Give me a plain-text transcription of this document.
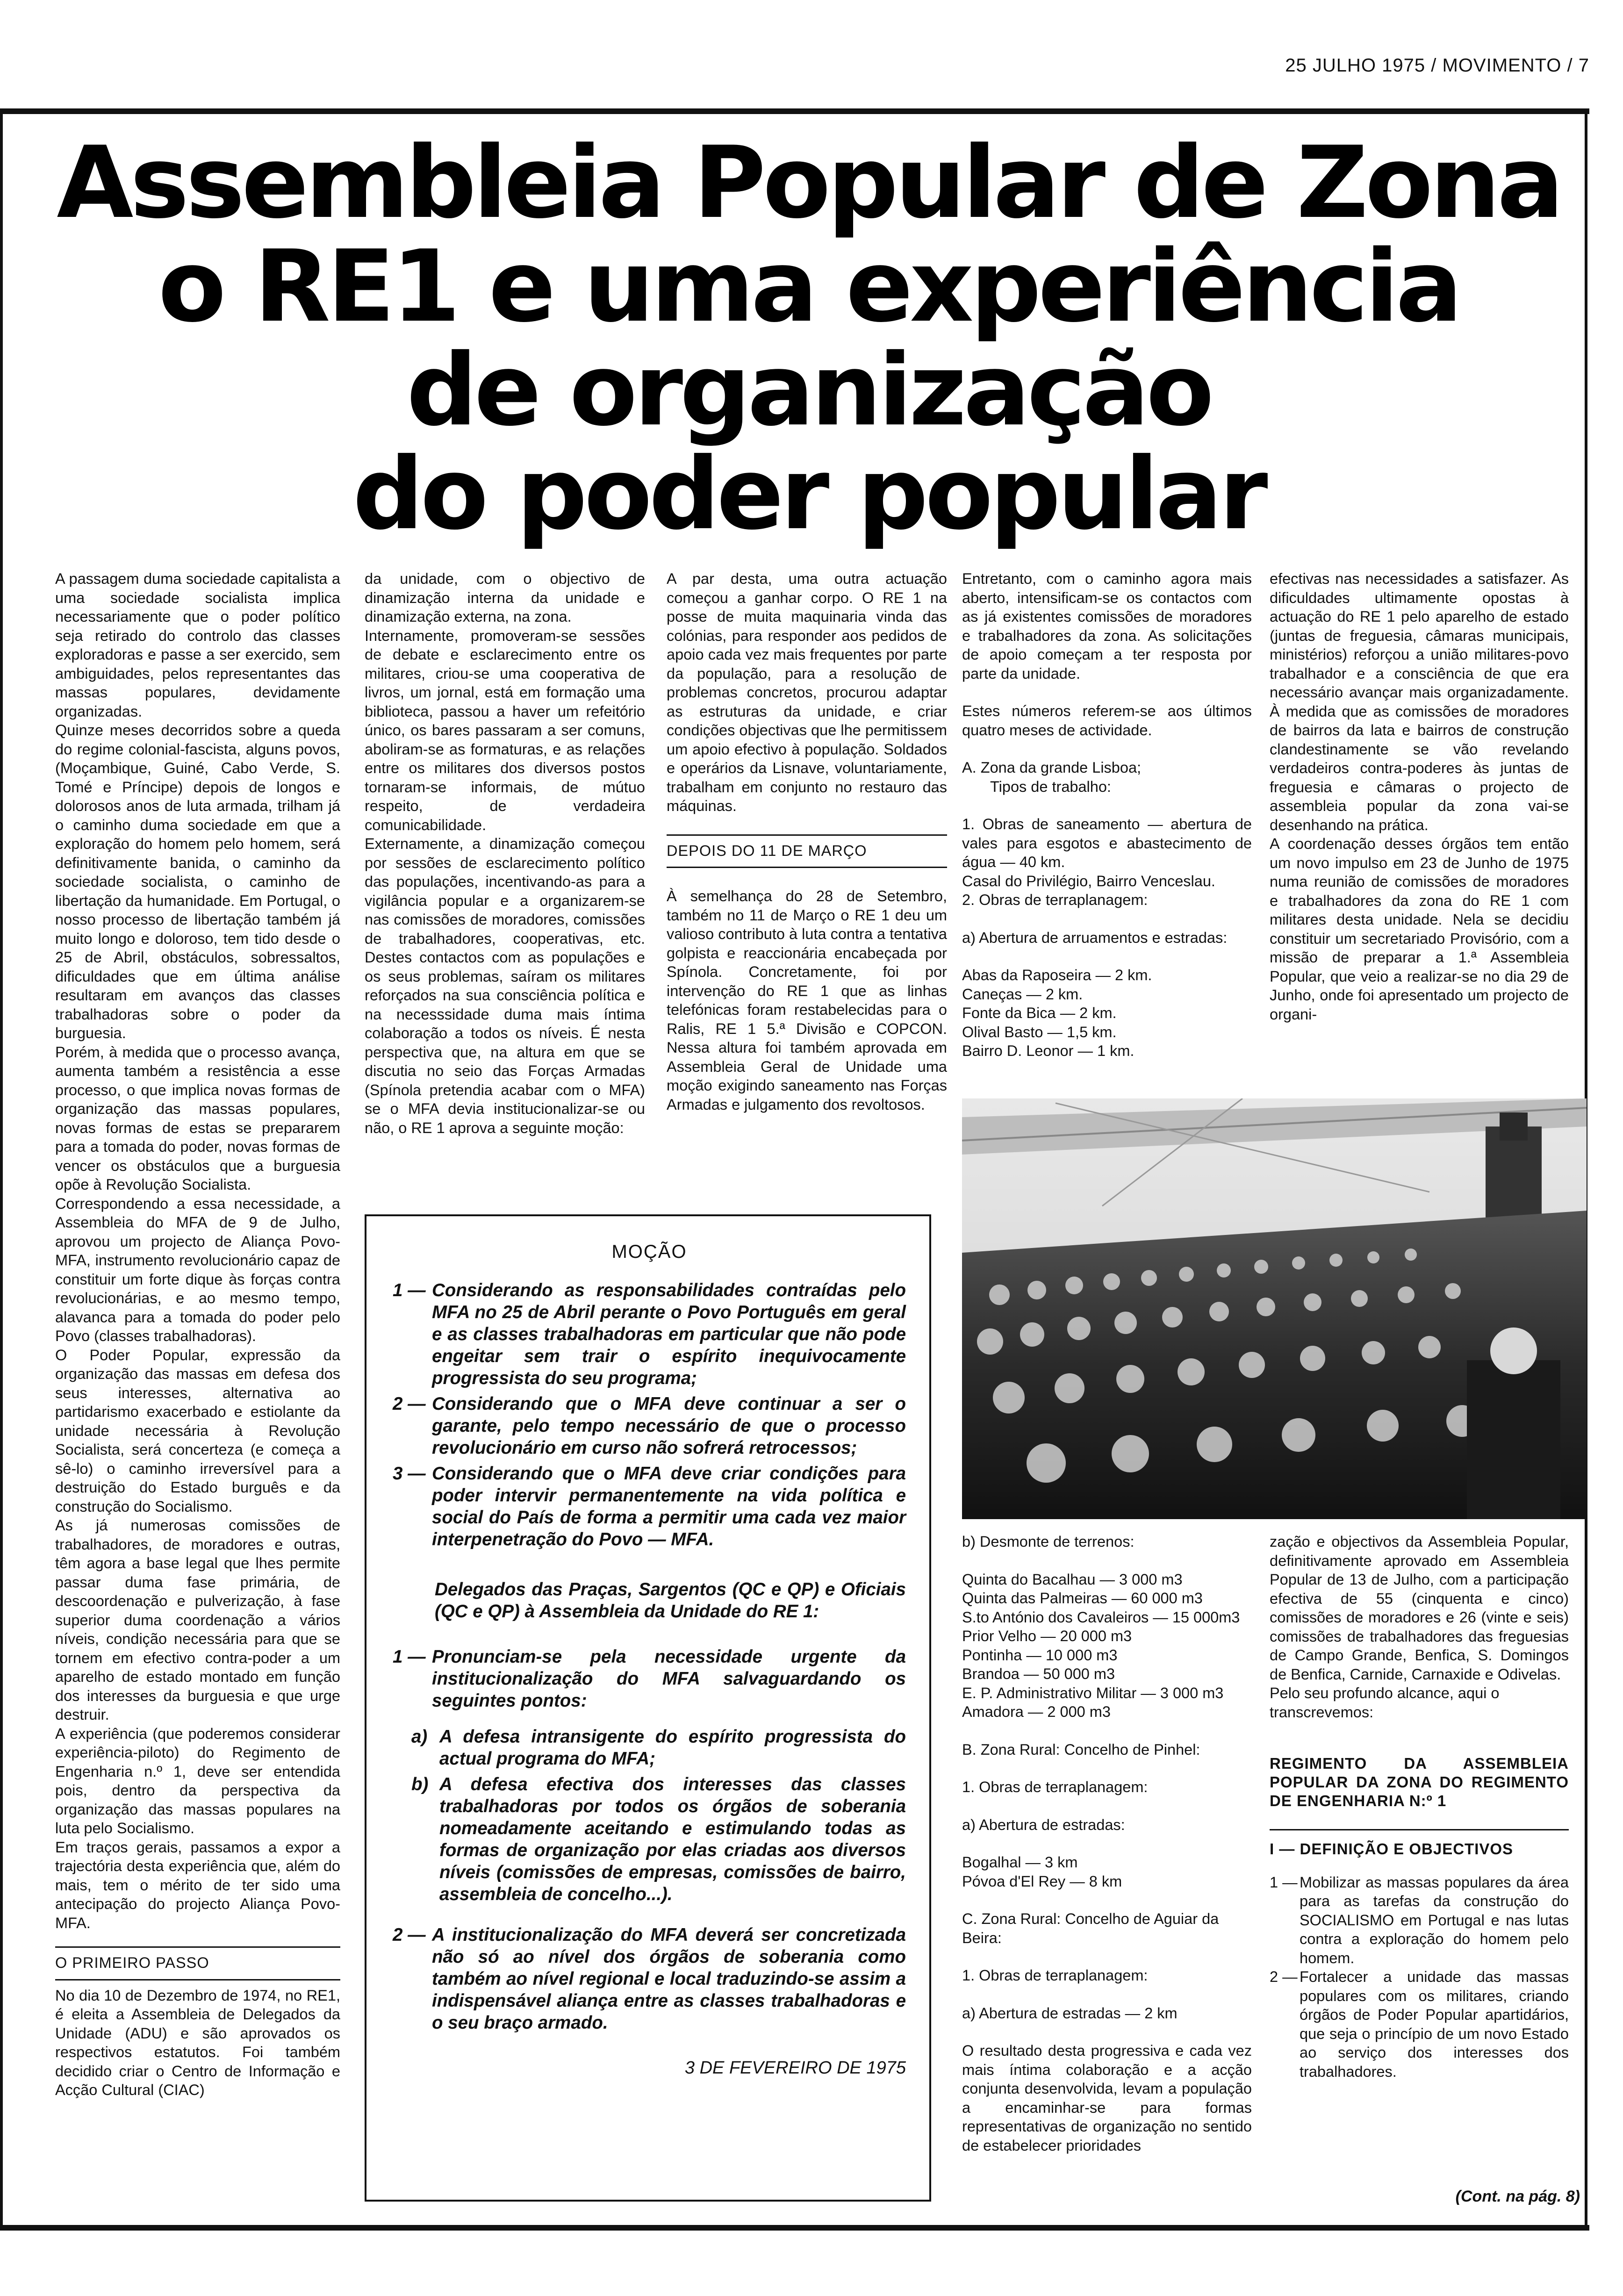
25 JULHO 1975 / MOVIMENTO / 7
Assembleia Popular de Zona
o RE1 e uma experiência
de organização
do poder popular

A passagem duma sociedade capitalista a uma sociedade socialista implica necessariamente que o poder político seja retirado do controlo das classes exploradoras e passe a ser exercido, sem ambiguidades, pelos representantes das massas populares, devidamente organizadas.

Quinze meses decorridos sobre a queda do regime colonial-fascista, alguns povos, (Moçambique, Guiné, Cabo Verde, S. Tomé e Príncipe) depois de longos e dolorosos anos de luta armada, trilham já o caminho duma sociedade em que a exploração do homem pelo homem, será definitivamente banida, o caminho da sociedade socialista, o caminho de libertação da humanidade. Em Portugal, o nosso processo de libertação também já muito longo e doloroso, tem tido desde o 25 de Abril, obstáculos, sobressaltos, dificuldades que em última análise resultaram em avanços das classes trabalhadoras sobre o poder da burguesia.

Porém, à medida que o processo avança, aumenta também a resistência a esse processo, o que implica novas formas de organização das massas populares, novas formas de estas se prepararem para a tomada do poder, novas formas de vencer os obstáculos que a burguesia opõe à Revolução Socialista.

Correspondendo a essa necessidade, a Assembleia do MFA de 9 de Julho, aprovou um projecto de Aliança Povo-MFA, instrumento revolucionário capaz de constituir um forte dique às forças contra revolucionárias, e ao mesmo tempo, alavanca para a tomada do poder pelo Povo (classes trabalhadoras).

O Poder Popular, expressão da organização das massas em defesa dos seus interesses, alternativa ao partidarismo exacerbado e estiolante da unidade necessária à Revolução Socialista, será concerteza (e começa a sê-lo) o caminho irreversível para a destruição do Estado burguês e da construção do Socialismo.

As já numerosas comissões de trabalhadores, de moradores e outras, têm agora a base legal que lhes permite passar duma fase primária, de descoordenação e pulverização, à fase superior duma coordenação a vários níveis, condição necessária para que se tornem em efectivo contra-poder a um aparelho de estado montado em função dos interesses da burguesia e que urge destruir.

A experiência (que poderemos considerar experiência-piloto) do Regimento de Engenharia n.º 1, deve ser entendida pois, dentro da perspectiva da organização das massas populares na luta pelo Socialismo.

Em traços gerais, passamos a expor a trajectória desta experiência que, além do mais, tem o mérito de ter sido uma antecipação do projecto Aliança Povo-MFA.

O PRIMEIRO PASSO

No dia 10 de Dezembro de 1974, no RE1, é eleita a Assembleia de Delegados da Unidade (ADU) e são aprovados os respectivos estatutos. Foi também decidido criar o Centro de Informação e Acção Cultural (CIAC)

da unidade, com o objectivo de dinamização interna da unidade e dinamização externa, na zona.

Internamente, promoveram-se sessões de debate e esclarecimento entre os militares, criou-se uma cooperativa de livros, um jornal, está em formação uma biblioteca, passou a haver um refeitório único, os bares passaram a ser comuns, aboliram-se as formaturas, e as relações entre os militares dos diversos postos tornaram-se informais, de mútuo respeito, de verdadeira comunicabilidade.

Externamente, a dinamização começou por sessões de esclarecimento político das populações, incentivando-as para a vigilância popular e a organizarem-se nas comissões de moradores, comissões de trabalhadores, cooperativas, etc. Destes contactos com as populações e os seus problemas, saíram os militares reforçados na sua consciência política e na necesssidade duma mais íntima colaboração a todos os níveis. É nesta perspectiva que, na altura em que se discutia no seio das Forças Armadas (Spínola pretendia acabar com o MFA) se o MFA devia institucionalizar-se ou não, o RE 1 aprova a seguinte moção:

A par desta, uma outra actuação começou a ganhar corpo. O RE 1 na posse de muita maquinaria vinda das colónias, para responder aos pedidos de apoio cada vez mais frequentes por parte da população, para a resolução de problemas concretos, procurou adaptar as estruturas da unidade, e criar condições objectivas que lhe permitissem um apoio efectivo à população. Soldados e operários da Lisnave, voluntariamente, trabalham em conjunto no restauro das máquinas.

DEPOIS DO 11 DE MARÇO

À semelhança do 28 de Setembro, também no 11 de Março o RE 1 deu um valioso contributo à luta contra a tentativa golpista e reaccionária encabeçada por Spínola. Concretamente, foi por intervenção do RE 1 que as linhas telefónicas foram restabelecidas para o Ralis, RE 1 5.ª Divisão e COPCON. Nessa altura foi também aprovada em Assembleia Geral de Unidade uma moção exigindo saneamento nas Forças Armadas e julgamento dos revoltosos.

MOÇÃO
1 — Considerando as responsabilidades contraídas pelo MFA no 25 de Abril perante o Povo Português em geral e as classes trabalhadoras em particular que não pode engeitar sem trair o espírito inequivocamente progressista do seu programa;
2 — Considerando que o MFA deve continuar a ser o garante, pelo tempo necessário de que o processo revolucionário em curso não sofrerá retrocessos;
3 — Considerando que o MFA deve criar condições para poder intervir permanentemente na vida política e social do País de forma a permitir uma cada vez maior interpenetração do Povo — MFA.
Delegados das Praças, Sargentos (QC e QP) e Oficiais (QC e QP) à Assembleia da Unidade do RE 1:
1 — Pronunciam-se pela necessidade urgente da institucionalização do MFA salvaguardando os seguintes pontos:
a) A defesa intransigente do espírito progressista do actual programa do MFA;
b) A defesa efectiva dos interesses das classes trabalhadoras por todos os órgãos de soberania nomeadamente aceitando e estimulando todas as formas de organização por elas criadas aos diversos níveis (comissões de empresas, comissões de bairro, assembleia de concelho...).
2 — A institucionalização do MFA deverá ser concretizada não só ao nível dos órgãos de soberania como também ao nível regional e local traduzindo-se assim a indispensável aliança entre as classes trabalhadoras e o seu braço armado.
3 DE FEVEREIRO DE 1975

Entretanto, com o caminho agora mais aberto, intensificam-se os contactos com as já existentes comissões de moradores e trabalhadores da zona. As solicitações de apoio começam a ter resposta por parte da unidade.

Estes números referem-se aos últimos quatro meses de actividade.

A. Zona da grande Lisboa;

Tipos de trabalho:

1. Obras de saneamento — abertura de vales para esgotos e abastecimento de água — 40 km.

Casal do Privilégio, Bairro Venceslau.

2. Obras de terraplanagem:

a) Abertura de arruamentos e estradas:

Abas da Raposeira — 2 km.

Caneças — 2 km.

Fonte da Bica — 2 km.

Olival Basto — 1,5 km.

Bairro D. Leonor — 1 km.

efectivas nas necessidades a satisfazer. As dificuldades ultimamente opostas à actuação do RE 1 pelo aparelho de estado (juntas de freguesia, câmaras municipais, ministérios) reforçou a união militares-povo trabalhador e a consciência de que era necessário avançar mais organizadamente. À medida que as comissões de moradores de bairros da lata e bairros de construção clandestinamente se vão revelando verdadeiros contra-poderes às juntas de freguesia e câmaras o projecto de assembleia popular da zona vai-se desenhando na prática.

A coordenação desses órgãos tem então um novo impulso em 23 de Junho de 1975 numa reunião de comissões de moradores e trabalhadores da zona do RE 1 com militares desta unidade. Nela se decidiu constituir um secretariado Provisório, com a missão de preparar a 1.ª Assembleia Popular, que veio a realizar-se no dia 29 de Junho, onde foi apresentado um projecto de organi-

b) Desmonte de terrenos:

Quinta do Bacalhau — 3 000 m3

Quinta das Palmeiras — 60 000 m3

S.to António dos Cavaleiros — 15 000m3

Prior Velho — 20 000 m3

Pontinha — 10 000 m3

Brandoa — 50 000 m3

E. P. Administrativo Militar — 3 000 m3

Amadora — 2 000 m3

B. Zona Rural: Concelho de Pinhel:

1. Obras de terraplanagem:

a) Abertura de estradas:

Bogalhal — 3 km

Póvoa d'El Rey — 8 km

C. Zona Rural: Concelho de Aguiar da Beira:

1. Obras de terraplanagem:

a) Abertura de estradas — 2 km

O resultado desta progressiva e cada vez mais íntima colaboração e a acção conjunta desenvolvida, levam a população a encaminhar-se para formas representativas de organização no sentido de estabelecer prioridades

zação e objectivos da Assembleia Popular, definitivamente aprovado em Assembleia Popular de 13 de Julho, com a participação efectiva de 55 (cinquenta e cinco) comissões de moradores e 26 (vinte e seis) comissões de trabalhadores das freguesias de Campo Grande, Benfica, S. Domingos de Benfica, Carnide, Carnaxide e Odivelas.

Pelo seu profundo alcance, aqui o transcrevemos:

REGIMENTO DA ASSEMBLEIA POPULAR DA ZONA DO REGIMENTO DE ENGENHARIA N:º 1

I — DEFINIÇÃO E OBJECTIVOS

1 — Mobilizar as massas populares da área para as tarefas da construção do SOCIALISMO em Portugal e nas lutas contra a exploração do homem pelo homem.
2 — Fortalecer a unidade das massas populares com os militares, criando órgãos de Poder Popular apartidários, que seja o princípio de um novo Estado ao serviço dos interesses dos trabalhadores.
(Cont. na pág. 8)
